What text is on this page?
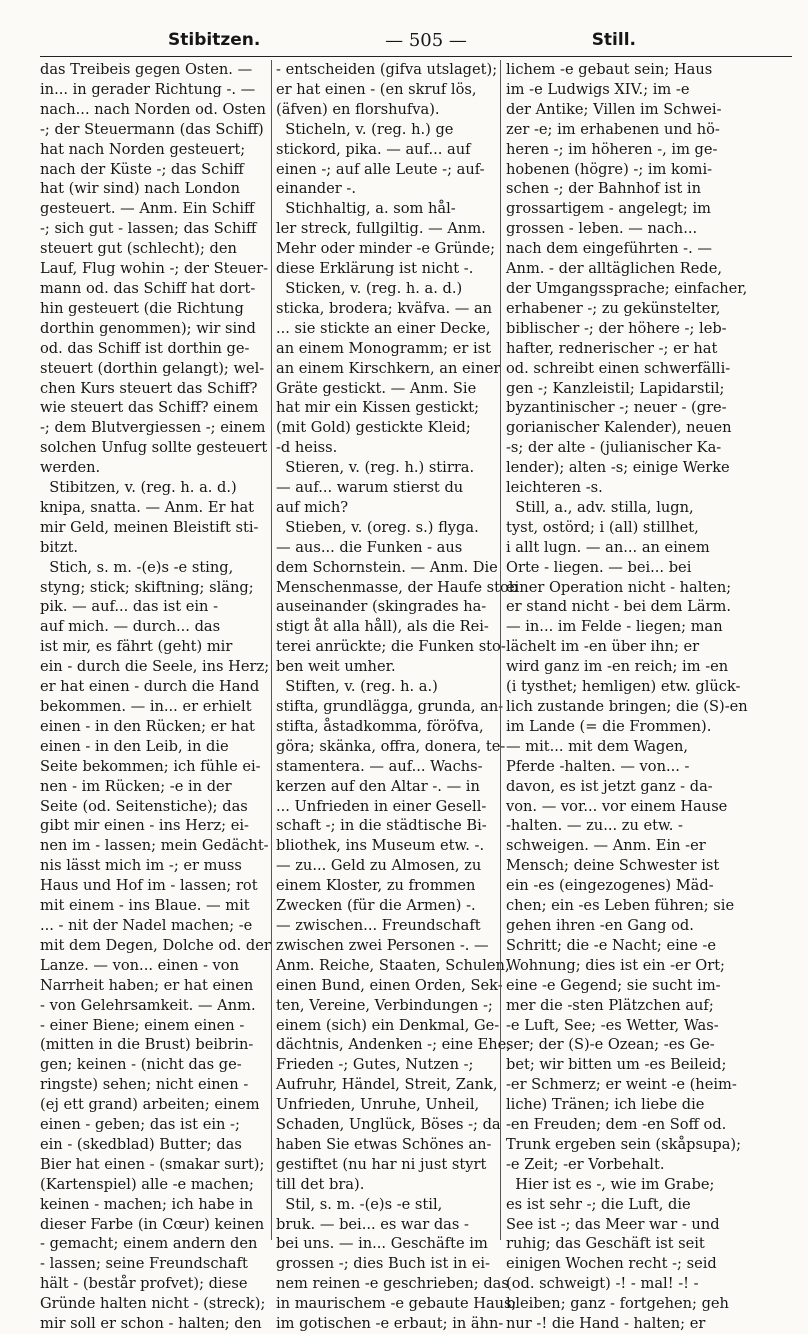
Stibitzen.	— 505 —	Still.
das Treibeis gegen Osten. —
in... in gerader Richtung -. —
nach... nach Norden od. Osten
-; der Steuermann (das Schiff)
hat nach Norden gesteuert;
nach der Küste -; das Schiff
hat (wir sind) nach London
gesteuert. — Anm. Ein Schiff
-; sich gut - lassen; das Schiff
steuert gut (schlecht); den
Lauf, Flug wohin -; der Steuer-
mann od. das Schiff hat dort-
hin gesteuert (die Richtung
dorthin genommen); wir sind
od. das Schiff ist dorthin ge-
steuert (dorthin gelangt); wel-
chen Kurs steuert das Schiff?
wie steuert das Schiff? einem
-; dem Blutvergiessen -; einem
solchen Unfug sollte gesteuert
werden.
Stibitzen, v. (reg. h. a. d.)
knipa, snatta. — Anm. Er hat
mir Geld, meinen Bleistift sti-
bitzt.
Stich, s. m. -(e)s -e sting,
styng; stick; skiftning; släng;
pik. — auf... das ist ein -
auf mich. — durch... das
ist mir, es fährt (geht) mir
ein - durch die Seele, ins Herz;
er hat einen - durch die Hand
bekommen. — in... er erhielt
einen - in den Rücken; er hat
einen - in den Leib, in die
Seite bekommen; ich fühle ei-
nen - im Rücken; -e in der
Seite (od. Seitenstiche); das
gibt mir einen - ins Herz; ei-
nen im - lassen; mein Gedächt-
nis lässt mich im -; er muss
Haus und Hof im - lassen; rot
mit einem - ins Blaue. — mit
... - nit der Nadel machen; -e
mit dem Degen, Dolche od. der
Lanze. — von... einen - von
Narrheit haben; er hat einen
- von Gelehrsamkeit. — Anm.
- einer Biene; einem einen -
(mitten in die Brust) beibrin-
gen; keinen - (nicht das ge-
ringste) sehen; nicht einen -
(ej ett grand) arbeiten; einem
einen - geben; das ist ein -;
ein - (skedblad) Butter; das
Bier hat einen - (smakar surt);
(Kartenspiel) alle -e machen;
keinen - machen; ich habe in
dieser Farbe (in Cœur) keinen
- gemacht; einem andern den
- lassen; seine Freundschaft
hält - (består profvet); diese
Gründe halten nicht - (streck);
mir soll er schon - halten; den
- entscheiden (gifva utslaget);
er hat einen - (en skruf lös,
(äfven) en florshufva).
Sticheln, v. (reg. h.) ge
stickord, pika. — auf... auf
einen -; auf alle Leute -; auf-
einander -.
Stichhaltig, a. som hål-
ler streck, fullgiltig. — Anm.
Mehr oder minder -e Gründe;
diese Erklärung ist nicht -.
Sticken, v. (reg. h. a. d.)
sticka, brodera; kväfva. — an
... sie stickte an einer Decke,
an einem Monogramm; er ist
an einem Kirschkern, an einer
Gräte gestickt. — Anm. Sie
hat mir ein Kissen gestickt;
(mit Gold) gestickte Kleid;
-d heiss.
Stieren, v. (reg. h.) stirra.
— auf... warum stierst du
auf mich?
Stieben, v. (oreg. s.) flyga.
— aus... die Funken - aus
dem Schornstein. — Anm. Die
Menschenmasse, der Haufe stob
auseinander (skingrades ha-
stigt åt alla håll), als die Rei-
terei anrückte; die Funken sto-
ben weit umher.
Stiften, v. (reg. h. a.)
stifta, grundlägga, grunda, an-
stifta, åstadkomma, föröfva,
göra; skänka, offra, donera, te-
stamentera. — auf... Wachs-
kerzen auf den Altar -. — in
... Unfrieden in einer Gesell-
schaft -; in die städtische Bi-
bliothek, ins Museum etw. -.
— zu... Geld zu Almosen, zu
einem Kloster, zu frommen
Zwecken (für die Armen) -.
— zwischen... Freundschaft
zwischen zwei Personen -. —
Anm. Reiche, Staaten, Schulen,
einen Bund, einen Orden, Sek-
ten, Vereine, Verbindungen -;
einem (sich) ein Denkmal, Ge-
dächtnis, Andenken -; eine Ehe,
Frieden -; Gutes, Nutzen -;
Aufruhr, Händel, Streit, Zank,
Unfrieden, Unruhe, Unheil,
Schaden, Unglück, Böses -; da
haben Sie etwas Schönes an-
gestiftet (nu har ni just styrt
till det bra).
Stil, s. m. -(e)s -e stil,
bruk. — bei... es war das -
bei uns. — in... Geschäfte im
grossen -; dies Buch ist in ei-
nem reinen -e geschrieben; das
in maurischem -e gebaute Haus;
im gotischen -e erbaut; in ähn-
lichem -e gebaut sein; Haus
im -e Ludwigs XIV.; im -e
der Antike; Villen im Schwei-
zer -e; im erhabenen und hö-
heren -; im höheren -, im ge-
hobenen (högre) -; im komi-
schen -; der Bahnhof ist in
grossartigem - angelegt; im
grossen - leben. — nach...
nach dem eingeführten -. —
Anm. - der alltäglichen Rede,
der Umgangssprache; einfacher,
erhabener -; zu gekünstelter,
biblischer -; der höhere -; leb-
hafter, rednerischer -; er hat
od. schreibt einen schwerfälli-
gen -; Kanzleistil; Lapidarstil;
byzantinischer -; neuer - (gre-
gorianischer Kalender), neuen
-s; der alte - (julianischer Ka-
lender); alten -s; einige Werke
leichteren -s.
Still, a., adv. stilla, lugn,
tyst, ostörd; i (all) stillhet,
i allt lugn. — an... an einem
Orte - liegen. — bei... bei
einer Operation nicht - halten;
er stand nicht - bei dem Lärm.
— in... im Felde - liegen; man
lächelt im -en über ihn; er
wird ganz im -en reich; im -en
(i tysthet; hemligen) etw. glück-
lich zustande bringen; die (S)-en
im Lande (= die Frommen).
— mit... mit dem Wagen,
Pferde -halten. — von... -
davon, es ist jetzt ganz - da-
von. — vor... vor einem Hause
-halten. — zu... zu etw. -
schweigen. — Anm. Ein -er
Mensch; deine Schwester ist
ein -es (eingezogenes) Mäd-
chen; ein -es Leben führen; sie
gehen ihren -en Gang od.
Schritt; die -e Nacht; eine -e
Wohnung; dies ist ein -er Ort;
eine -e Gegend; sie sucht im-
mer die -sten Plätzchen auf;
-e Luft, See; -es Wetter, Was-
ser; der (S)-e Ozean; -es Ge-
bet; wir bitten um -es Beileid;
-er Schmerz; er weint -e (heim-
liche) Tränen; ich liebe die
-en Freuden; dem -en Soff od.
Trunk ergeben sein (skåpsupa);
-e Zeit; -er Vorbehalt.
Hier ist es -, wie im Grabe;
es ist sehr -; die Luft, die
See ist -; das Meer war - und
ruhig; das Geschäft ist seit
einigen Wochen recht -; seid
(od. schweigt) -! - mal! -! -
bleiben; ganz - fortgehen; geh
nur -! die Hand - halten; er
